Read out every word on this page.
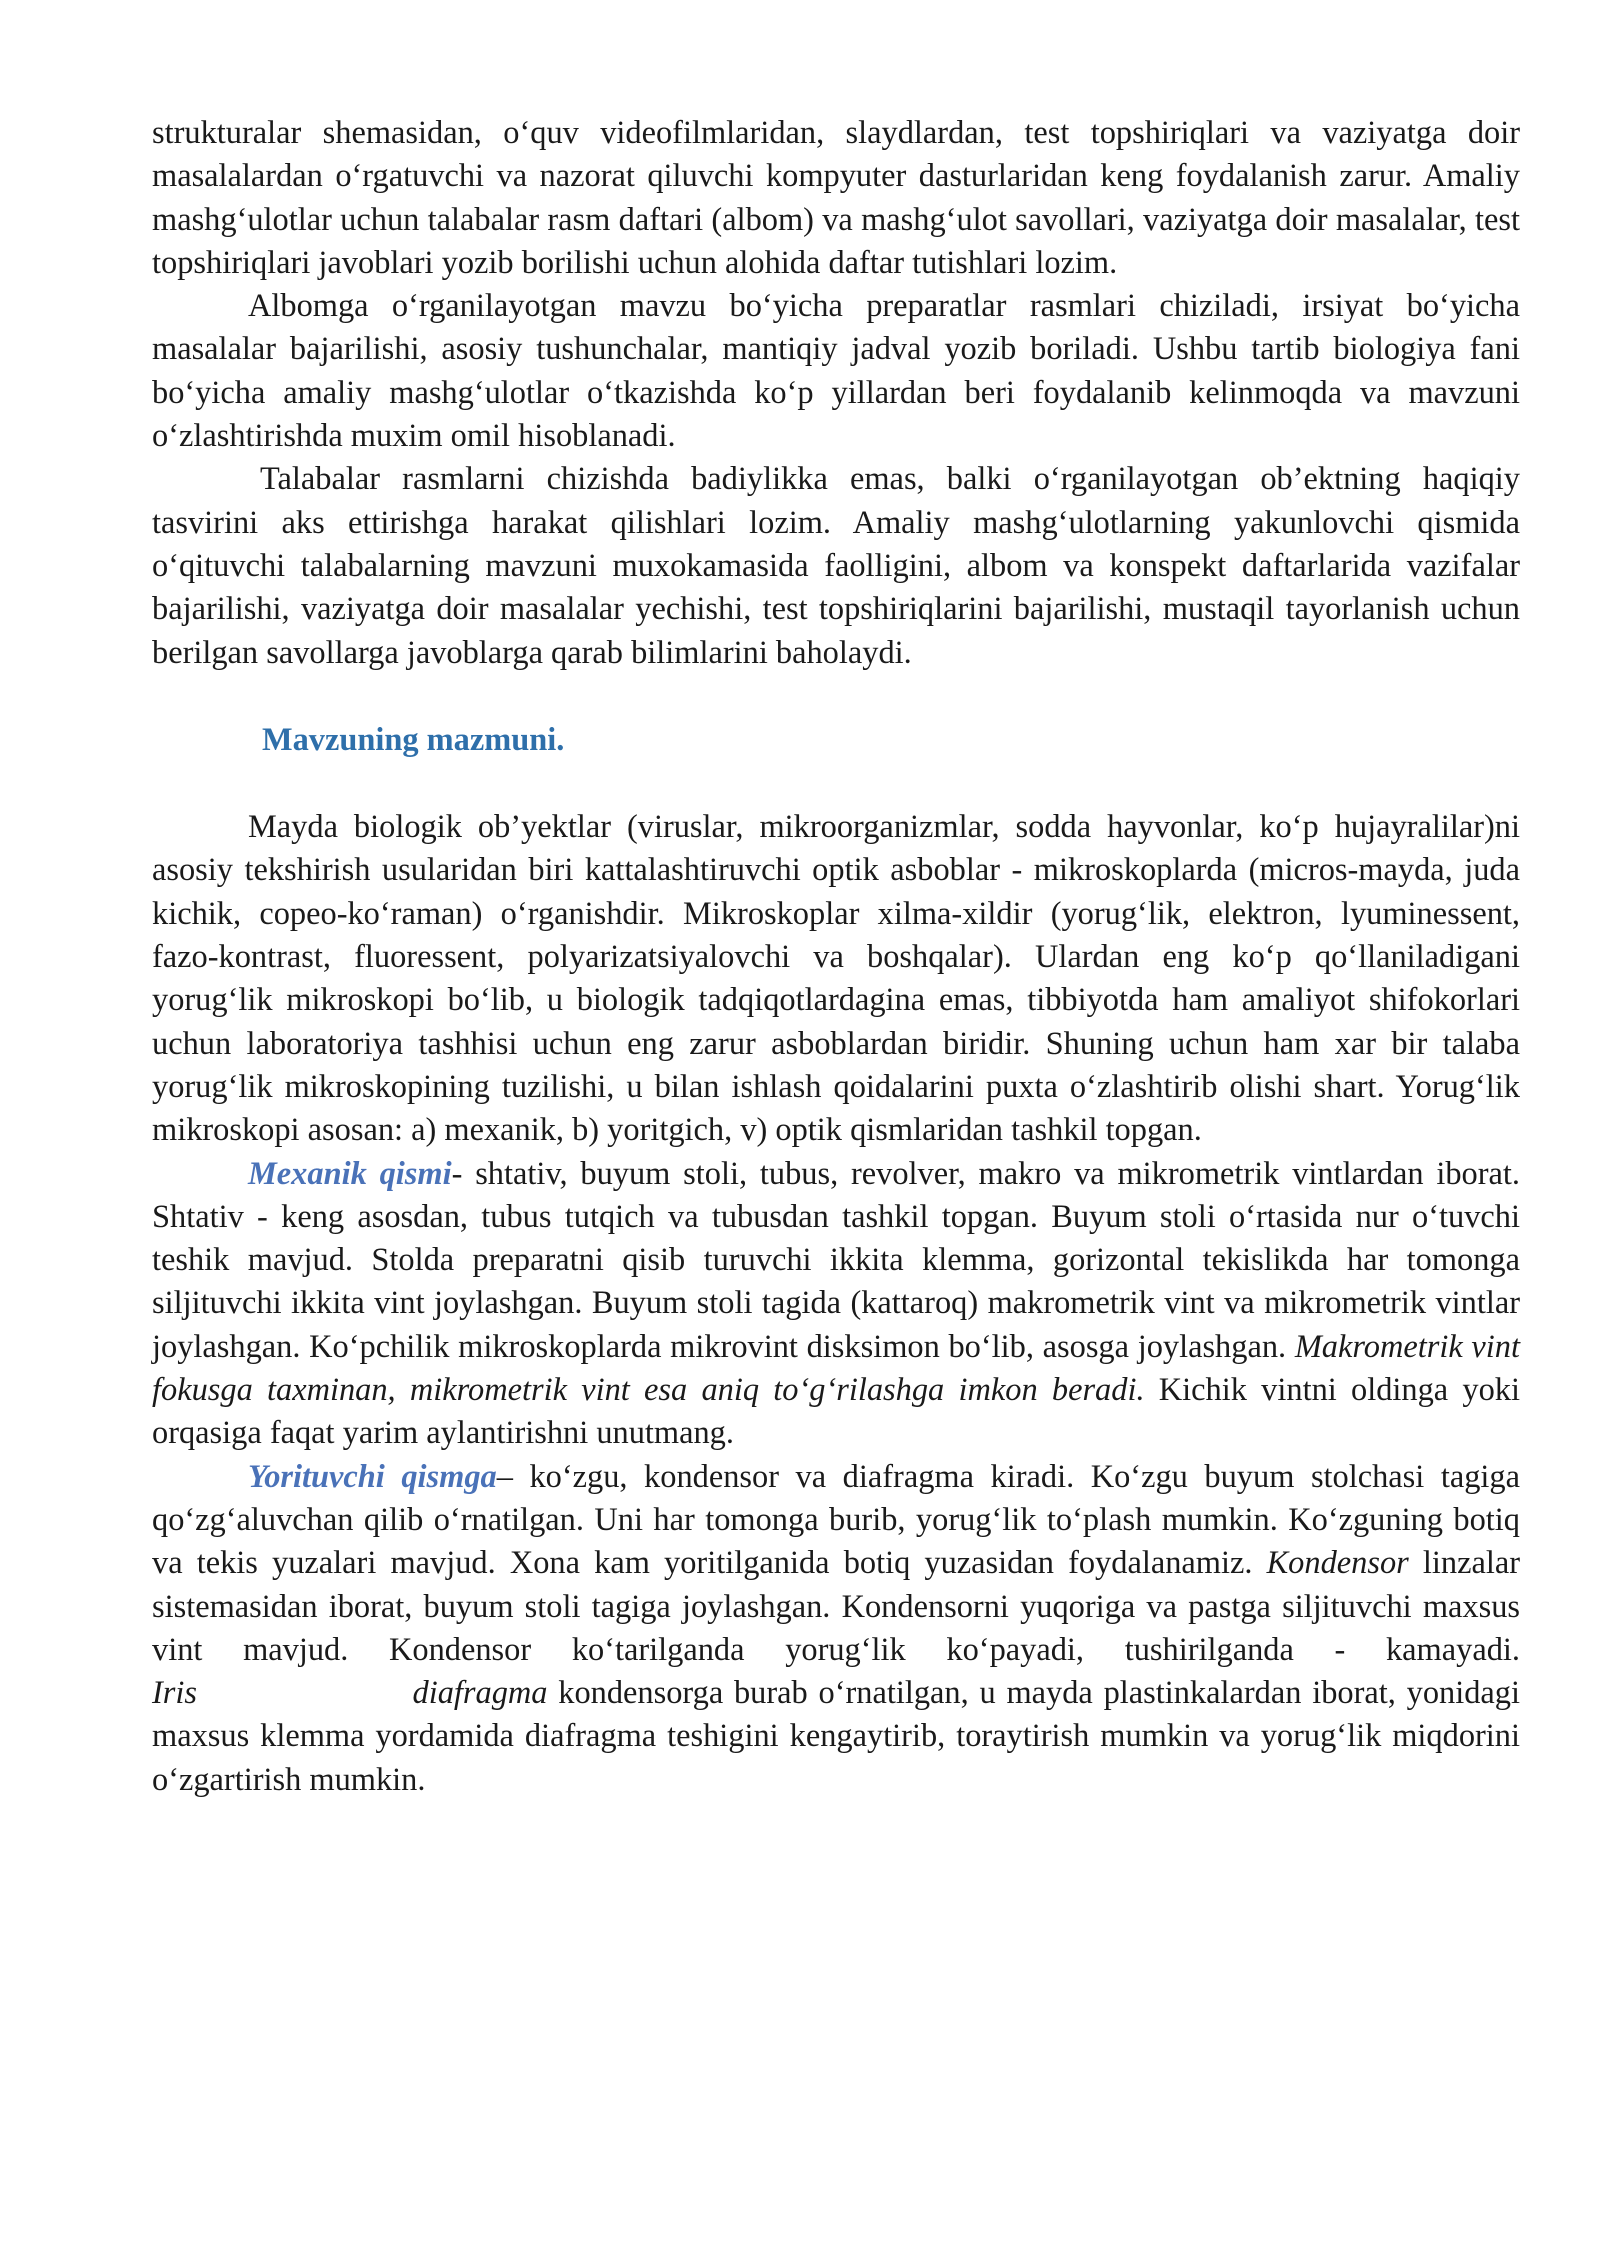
strukturalar shemasidan, o‘quv videofilmlaridan, slaydlardan, test topshiriqlari va vaziyatga doir masalalardan o‘rgatuvchi va nazorat qiluvchi kompyuter dasturlaridan keng foydalanish zarur. Amaliy mashg‘ulotlar uchun talabalar rasm daftari (albom) va mashg‘ulot savollari, vaziyatga doir masalalar, test topshiriqlari javoblari yozib borilishi uchun alohida daftar tutishlari lozim.

Albomga o‘rganilayotgan mavzu bo‘yicha preparatlar rasmlari chiziladi, irsiyat bo‘yicha masalalar bajarilishi, asosiy tushunchalar, mantiqiy jadval yozib boriladi. Ushbu tartib biologiya fani bo‘yicha amaliy mashg‘ulotlar o‘tkazishda ko‘p yillardan beri foydalanib kelinmoqda va mavzuni o‘zlashtirishda muxim omil hisoblanadi.

Talabalar rasmlarni chizishda badiylikka emas, balki o‘rganilayotgan ob’ektning haqiqiy tasvirini aks ettirishga harakat qilishlari lozim. Amaliy mashg‘ulotlarning yakunlovchi qismida o‘qituvchi talabalarning mavzuni muxokamasida faolligini, albom va konspekt daftarlarida vazifalar bajarilishi, vaziyatga doir masalalar yechishi, test topshiriqlarini bajarilishi, mustaqil tayorlanish uchun berilgan savollarga javoblarga qarab bilimlarini baholaydi.

Mavzuning mazmuni.

Mayda biologik ob’yektlar (viruslar, mikroorganizmlar, sodda hayvonlar, ko‘p hujayralilar)ni asosiy tekshirish usularidan biri kattalashtiruvchi optik asboblar - mikroskoplarda (micros-mayda, juda kichik, copeo-ko‘raman) o‘rganishdir. Mikroskoplar xilma-xildir (yorug‘lik, elektron, lyuminessent, fazo-kontrast, fluoressent, polyarizatsiyalovchi va boshqalar). Ulardan eng ko‘p qo‘llaniladigani yorug‘lik mikroskopi bo‘lib, u biologik tadqiqotlardagina emas, tibbiyotda ham amaliyot shifokorlari uchun laboratoriya tashhisi uchun eng zarur asboblardan biridir. Shuning uchun ham xar bir talaba yorug‘lik mikroskopining tuzilishi, u bilan ishlash qoidalarini puxta o‘zlashtirib olishi shart. Yorug‘lik mikroskopi asosan: a) mexanik, b) yoritgich, v) optik qismlaridan tashkil topgan.

Mexanik qismi- shtativ, buyum stoli, tubus, revolver, makro va mikrometrik vintlardan iborat. Shtativ - keng asosdan, tubus tutqich va tubusdan tashkil topgan. Buyum stoli o‘rtasida nur o‘tuvchi teshik mavjud. Stolda preparatni qisib turuvchi ikkita klemma, gorizontal tekislikda har tomonga siljituvchi ikkita vint joylashgan. Buyum stoli tagida (kattaroq) makrometrik vint va mikrometrik vintlar joylashgan. Ko‘pchilik mikroskoplarda mikrovint disksimon bo‘lib, asosga joylashgan. Makrometrik vint fokusga taxminan, mikrometrik vint esa aniq to‘g‘rilashga imkon beradi. Kichik vintni oldinga yoki orqasiga faqat yarim aylantirishni unutmang.

Yorituvchi qismga– ko‘zgu, kondensor va diafragma kiradi. Ko‘zgu buyum stolchasi tagiga qo‘zg‘aluvchan qilib o‘rnatilgan. Uni har tomonga burib, yorug‘lik to‘plash mumkin. Ko‘zguning botiq va tekis yuzalari mavjud. Xona kam yoritilganida botiq yuzasidan foydalanamiz. Kondensor linzalar sistemasidan iborat, buyum stoli tagiga joylashgan. Kondensorni yuqoriga va pastga siljituvchi maxsus vint mavjud. Kondensor ko‘tarilganda yorug‘lik ko‘payadi, tushirilganda - kamayadi. Iris                    diafragma kondensorga burab o‘rnatilgan, u mayda plastinkalardan iborat, yonidagi maxsus klemma yordamida diafragma teshigini kengaytirib, toraytirish mumkin va yorug‘lik miqdorini o‘zgartirish mumkin.
